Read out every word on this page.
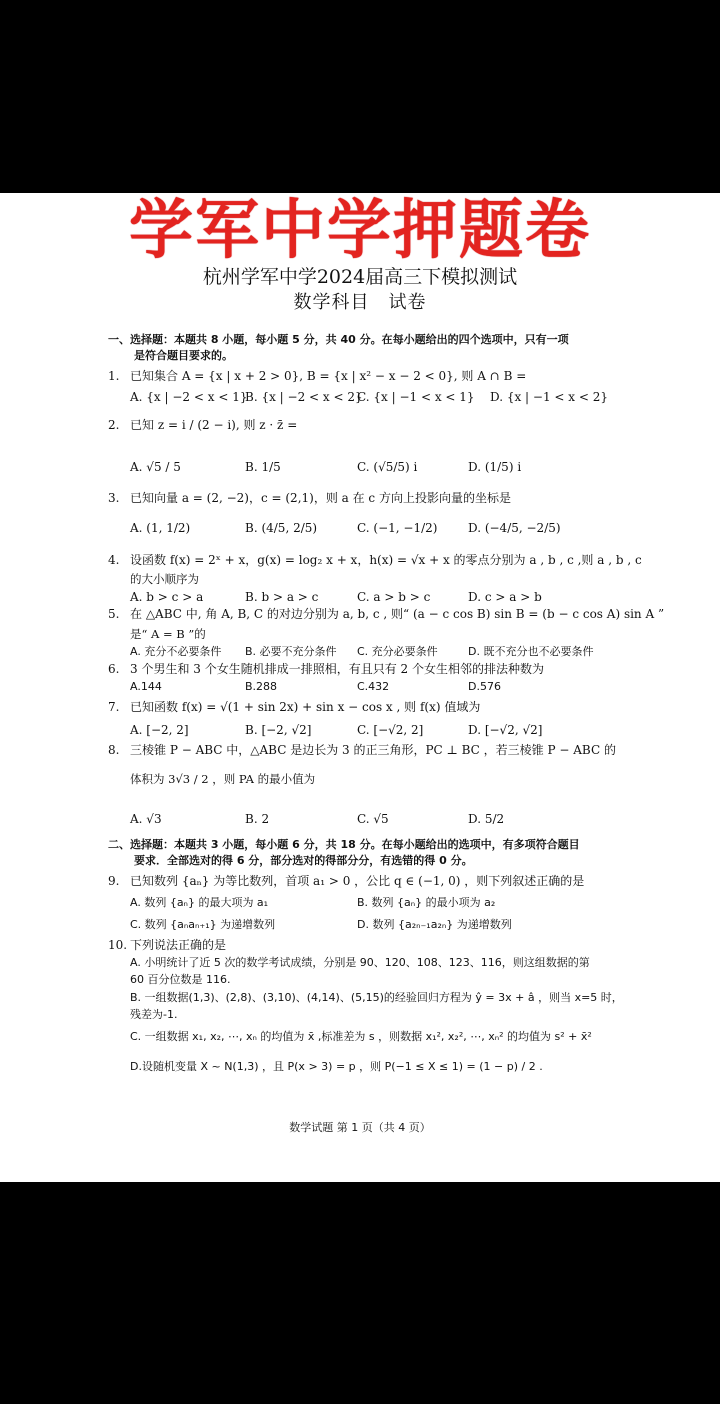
学军中学押题卷
杭州学军中学2024届高三下模拟测试
数学科目　试卷
一、选择题：本题共 8 小题，每小题 5 分，共 40 分。在每小题给出的四个选项中，只有一项
是符合题目要求的。
1. 已知集合 A = {x | x + 2 > 0}, B = {x | x² − x − 2 < 0}, 则 A ∩ B =
A. {x | −2 < x < 1}
B. {x | −2 < x < 2}
C. {x | −1 < x < 1} D. {x | −1 < x < 2}
2. 已知 z = i / (2 − i), 则 z · z̄ =
A. √5 / 5	B. 1/5	C. (√5/5) i	D. (1/5) i
3. 已知向量 a = (2, −2)，c = (2,1)，则 a 在 c 方向上投影向量的坐标是
A. (1, 1/2)	B. (4/5, 2/5)	C. (−1, −1/2)	D. (−4/5, −2/5)
4. 设函数 f(x) = 2ˣ + x，g(x) = log₂ x + x，h(x) = √x + x 的零点分别为 a , b , c ,则 a , b , c
的大小顺序为
A. b > c > a	B. b > a > c	C. a > b > c	D. c > a > b
5. 在 △ABC 中, 角 A, B, C 的对边分别为 a, b, c , 则“ (a − c cos B) sin B = (b − c cos A) sin A ”
是“ A = B ”的
A. 充分不必要条件 B. 必要不充分条件 C. 充分必要条件	D. 既不充分也不必要条件
6. 3 个男生和 3 个女生随机排成一排照相，有且只有 2 个女生相邻的排法种数为
A.144	B.288	C.432	D.576
7. 已知函数 f(x) = √(1 + sin 2x) + sin x − cos x , 则 f(x) 值域为
A. [−2, 2]	B. [−2, √2]	C. [−√2, 2]	D. [−√2, √2]
8. 三棱锥 P − ABC 中，△ABC 是边长为 3 的正三角形，PC ⊥ BC ，若三棱锥 P − ABC 的
体积为 3√3 / 2 ，则 PA 的最小值为
A. √3	B. 2	C. √5	D. 5/2
二、选择题：本题共 3 小题，每小题 6 分，共 18 分。在每小题给出的选项中，有多项符合题目
要求．全部选对的得 6 分，部分选对的得部分分，有选错的得 0 分。
9. 已知数列 {aₙ} 为等比数列，首项 a₁ > 0 ，公比 q ∈ (−1, 0) ，则下列叙述正确的是
A. 数列 {aₙ} 的最大项为 a₁	B. 数列 {aₙ} 的最小项为 a₂
C. 数列 {aₙaₙ₊₁} 为递增数列	D. 数列 {a₂ₙ₋₁a₂ₙ} 为递增数列
10. 下列说法正确的是
A. 小明统计了近 5 次的数学考试成绩，分别是 90、120、108、123、116，则这组数据的第
60 百分位数是 116.
B. 一组数据(1,3)、(2,8)、(3,10)、(4,14)、(5,15)的经验回归方程为 ŷ = 3x + â ，则当 x=5 时，
残差为-1.
C. 一组数据 x₁, x₂, ⋯, xₙ 的均值为 x̄ ,标准差为 s ，则数据 x₁², x₂², ⋯, xₙ² 的均值为 s² + x̄²
D.设随机变量 X ~ N(1,3) ，且 P(x > 3) = p ，则 P(−1 ≤ X ≤ 1) = (1 − p) / 2 .
数学试题 第 1 页（共 4 页）
